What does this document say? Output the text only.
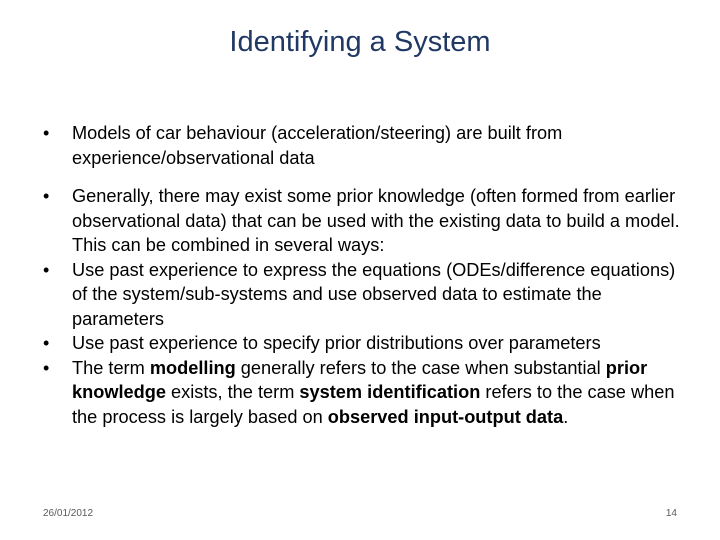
Identifying a System
• Models of car behaviour (acceleration/steering) are built from experience/observational data
• Generally, there may exist some prior knowledge (often formed from earlier observational data) that can be used with the existing data to build a model. This can be combined in several ways:
• Use past experience to express the equations (ODEs/difference equations) of the system/sub-systems and use observed data to estimate the parameters
• Use past experience to specify prior distributions over parameters
• The term modelling generally refers to the case when substantial prior knowledge exists, the term system identification refers to the case when the process is largely based on observed input-output data.
26/01/2012	14
